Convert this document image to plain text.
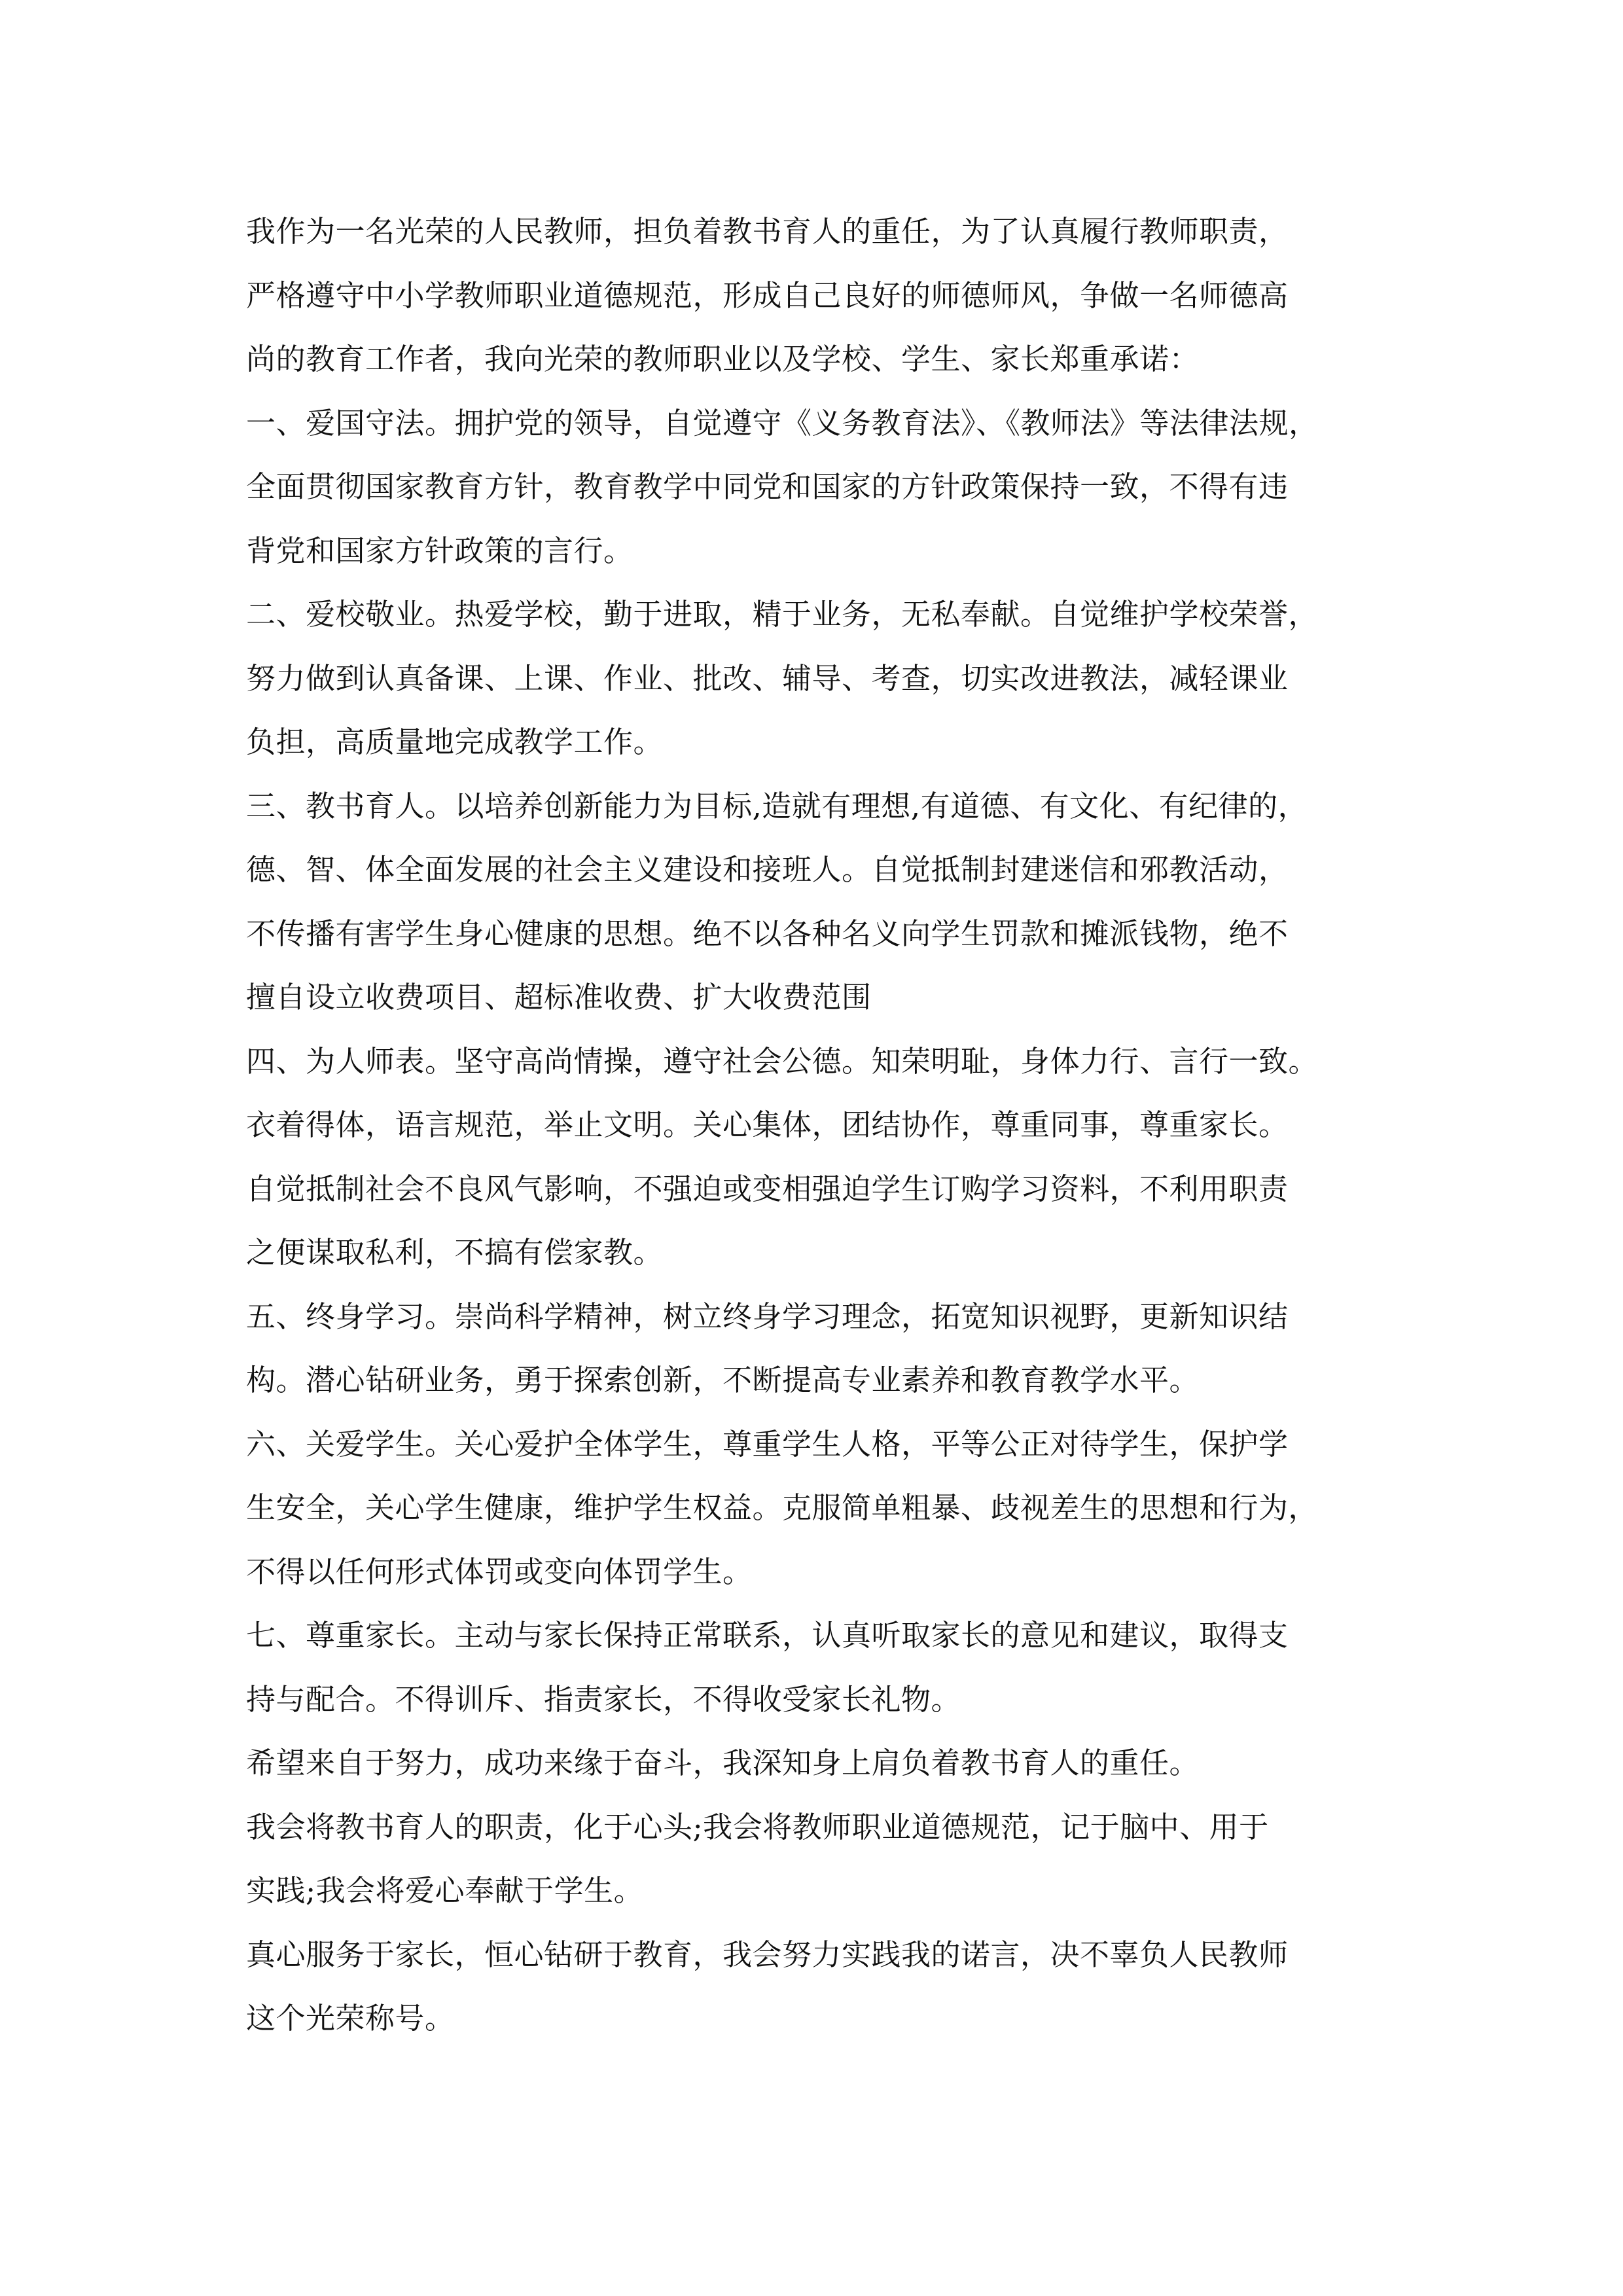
我作为一名光荣的人民教师，担负着教书育人的重任，为了认真履行教师职责，
严格遵守中小学教师职业道德规范，形成自己良好的师德师风，争做一名师德高
尚的教育工作者，我向光荣的教师职业以及学校、学生、家长郑重承诺：

一、爱国守法。拥护党的领导，自觉遵守《义务教育法》、《教师法》等法律法规，
全面贯彻国家教育方针，教育教学中同党和国家的方针政策保持一致，不得有违
背党和国家方针政策的言行。

二、爱校敬业。热爱学校，勤于进取，精于业务，无私奉献。自觉维护学校荣誉，
努力做到认真备课、上课、作业、批改、辅导、考查，切实改进教法，减轻课业
负担，高质量地完成教学工作。

三、教书育人。以培养创新能力为目标,造就有理想,有道德、有文化、有纪律的，
德、智、体全面发展的社会主义建设和接班人。自觉抵制封建迷信和邪教活动，
不传播有害学生身心健康的思想。绝不以各种名义向学生罚款和摊派钱物，绝不
擅自设立收费项目、超标准收费、扩大收费范围

四、为人师表。坚守高尚情操，遵守社会公德。知荣明耻，身体力行、言行一致。
衣着得体，语言规范，举止文明。关心集体，团结协作，尊重同事，尊重家长。
自觉抵制社会不良风气影响，不强迫或变相强迫学生订购学习资料，不利用职责
之便谋取私利，不搞有偿家教。

五、终身学习。崇尚科学精神，树立终身学习理念，拓宽知识视野，更新知识结
构。潜心钻研业务，勇于探索创新，不断提高专业素养和教育教学水平。

六、关爱学生。关心爱护全体学生，尊重学生人格，平等公正对待学生，保护学
生安全，关心学生健康，维护学生权益。克服简单粗暴、歧视差生的思想和行为，
不得以任何形式体罚或变向体罚学生。

七、尊重家长。主动与家长保持正常联系，认真听取家长的意见和建议，取得支
持与配合。不得训斥、指责家长，不得收受家长礼物。

希望来自于努力，成功来缘于奋斗，我深知身上肩负着教书育人的重任。

我会将教书育人的职责，化于心头;我会将教师职业道德规范，记于脑中、用于
实践;我会将爱心奉献于学生。

真心服务于家长，恒心钻研于教育，我会努力实践我的诺言，决不辜负人民教师
这个光荣称号。
